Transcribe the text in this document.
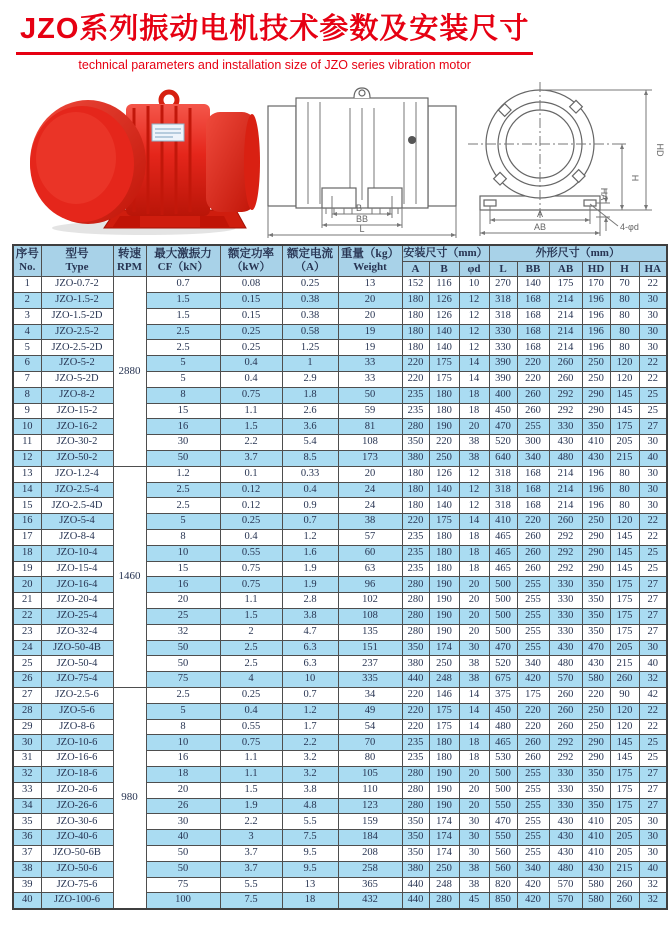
JZO系列振动电机技术参数及安装尺寸
technical parameters and installation size of JZO series vibration motor
B
BB
L
HD
H
HA
A
AB	4-φd
序号
No.

型号
Type

转速
RPM

最大激振力
CF（kN）

额定功率
（kW）

额定电流
（A）

重量（kg）
Weight
	安装尺寸（mm）	外形尺寸（mm）
							A	B	φd	L	BB	AB	HD	H	HA
1	JZO-0.7-2	2880	0.7	0.08	0.25	13	152	116	10	270	140	175	170	70	22
2	JZO-1.5-2		1.5	0.15	0.38	20	180	126	12	318	168	214	196	80	30
3	JZO-1.5-2D		1.5	0.15	0.38	20	180	126	12	318	168	214	196	80	30
4	JZO-2.5-2		2.5	0.25	0.58	19	180	140	12	330	168	214	196	80	30
5	JZO-2.5-2D		2.5	0.25	1.25	19	180	140	12	330	168	214	196	80	30
6	JZO-5-2		5	0.4	1	33	220	175	14	390	220	260	250	120	22
7	JZO-5-2D		5	0.4	2.9	33	220	175	14	390	220	260	250	120	22
8	JZO-8-2		8	0.75	1.8	50	235	180	18	400	260	292	290	145	25
9	JZO-15-2		15	1.1	2.6	59	235	180	18	450	260	292	290	145	25
10	JZO-16-2		16	1.5	3.6	81	280	190	20	470	255	330	350	175	27
11	JZO-30-2		30	2.2	5.4	108	350	220	38	520	300	430	410	205	30
12	JZO-50-2		50	3.7	8.5	173	380	250	38	640	340	480	430	215	40
13	JZO-1.2-4	1460	1.2	0.1	0.33	20	180	126	12	318	168	214	196	80	30
14	JZO-2.5-4		2.5	0.12	0.4	24	180	140	12	318	168	214	196	80	30
15	JZO-2.5-4D		2.5	0.12	0.9	24	180	140	12	318	168	214	196	80	30
16	JZO-5-4		5	0.25	0.7	38	220	175	14	410	220	260	250	120	22
17	JZO-8-4		8	0.4	1.2	57	235	180	18	465	260	292	290	145	22
18	JZO-10-4		10	0.55	1.6	60	235	180	18	465	260	292	290	145	25
19	JZO-15-4		15	0.75	1.9	63	235	180	18	465	260	292	290	145	25
20	JZO-16-4		16	0.75	1.9	96	280	190	20	500	255	330	350	175	27
21	JZO-20-4		20	1.1	2.8	102	280	190	20	500	255	330	350	175	27
22	JZO-25-4		25	1.5	3.8	108	280	190	20	500	255	330	350	175	27
23	JZO-32-4		32	2	4.7	135	280	190	20	500	255	330	350	175	27
24	JZO-50-4B		50	2.5	6.3	151	350	174	30	470	255	430	470	205	30
25	JZO-50-4		50	2.5	6.3	237	380	250	38	520	340	480	430	215	40
26	JZO-75-4		75	4	10	335	440	248	38	675	420	570	580	260	32
27	JZO-2.5-6	980	2.5	0.25	0.7	34	220	146	14	375	175	260	220	90	42
28	JZO-5-6		5	0.4	1.2	49	220	175	14	450	220	260	250	120	22
29	JZO-8-6		8	0.55	1.7	54	220	175	14	480	220	260	250	120	22
30	JZO-10-6		10	0.75	2.2	70	235	180	18	465	260	292	290	145	25
31	JZO-16-6		16	1.1	3.2	80	235	180	18	530	260	292	290	145	25
32	JZO-18-6		18	1.1	3.2	105	280	190	20	500	255	330	350	175	27
33	JZO-20-6		20	1.5	3.8	110	280	190	20	500	255	330	350	175	27
34	JZO-26-6		26	1.9	4.8	123	280	190	20	550	255	330	350	175	27
35	JZO-30-6		30	2.2	5.5	159	350	174	30	470	255	430	410	205	30
36	JZO-40-6		40	3	7.5	184	350	174	30	550	255	430	410	205	30
37	JZO-50-6B		50	3.7	9.5	208	350	174	30	560	255	430	410	205	30
38	JZO-50-6		50	3.7	9.5	258	380	250	38	560	340	480	430	215	40
39	JZO-75-6		75	5.5	13	365	440	248	38	820	420	570	580	260	32
40	JZO-100-6		100	7.5	18	432	440	280	45	850	420	570	580	260	32
